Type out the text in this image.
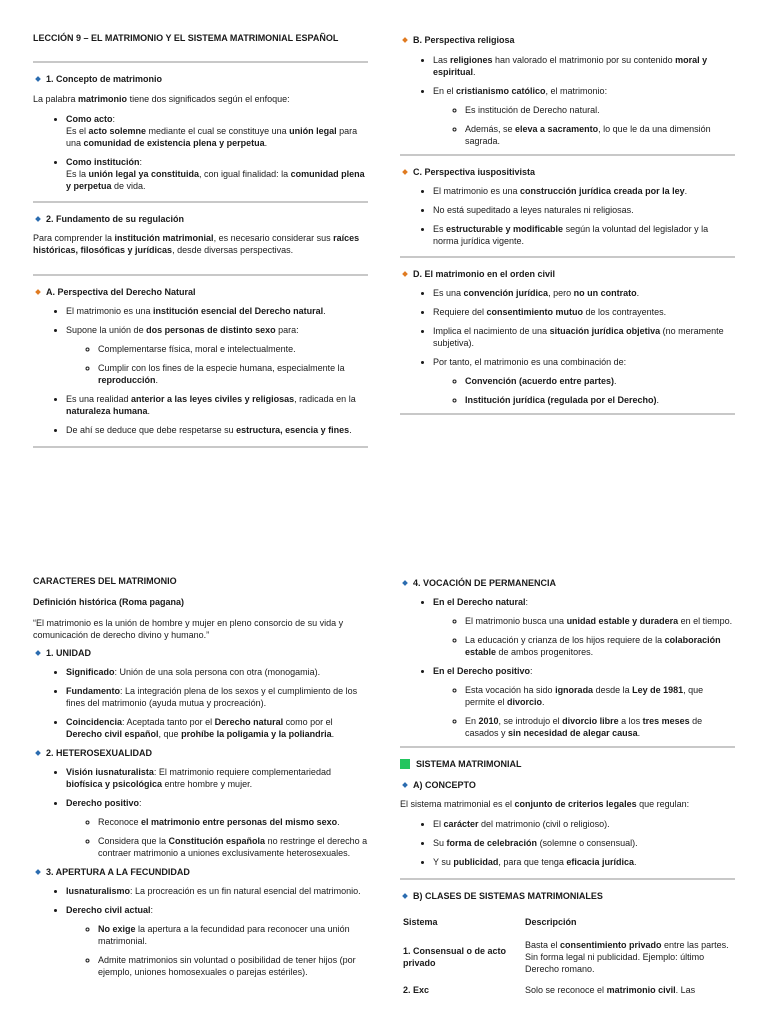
LECCIÓN 9 – EL MATRIMONIO Y EL SISTEMA MATRIMONIAL ESPAÑOL

1. Concepto de matrimonio

La palabra matrimonio tiene dos significados según el enfoque:

• Como acto:
Es el acto solemne mediante el cual se constituye una unión legal para una comunidad de existencia plena y perpetua.
• Como institución:
Es la unión legal ya constituida, con igual finalidad: la comunidad plena y perpetua de vida.

2. Fundamento de su regulación

Para comprender la institución matrimonial, es necesario considerar sus raíces históricas, filosóficas y jurídicas, desde diversas perspectivas.

A. Perspectiva del Derecho Natural

• El matrimonio es una institución esencial del Derecho natural.
• Supone la unión de dos personas de distinto sexo para:
◦ Complementarse física, moral e intelectualmente.
◦ Cumplir con los fines de la especie humana, especialmente la reproducción.
• Es una realidad anterior a las leyes civiles y religiosas, radicada en la naturaleza humana.
• De ahí se deduce que debe respetarse su estructura, esencia y fines.

B. Perspectiva religiosa

• Las religiones han valorado el matrimonio por su contenido moral y espiritual.
• En el cristianismo católico, el matrimonio:
◦ Es institución de Derecho natural.
◦ Además, se eleva a sacramento, lo que le da una dimensión sagrada.

C. Perspectiva iuspositivista

• El matrimonio es una construcción jurídica creada por la ley.
• No está supeditado a leyes naturales ni religiosas.
• Es estructurable y modificable según la voluntad del legislador y la norma jurídica vigente.

D. El matrimonio en el orden civil

• Es una convención jurídica, pero no un contrato.
• Requiere del consentimiento mutuo de los contrayentes.
• Implica el nacimiento de una situación jurídica objetiva (no meramente subjetiva).
• Por tanto, el matrimonio es una combinación de:
◦ Convención (acuerdo entre partes).
◦ Institución jurídica (regulada por el Derecho).

CARACTERES DEL MATRIMONIO

Definición histórica (Roma pagana)

“El matrimonio es la unión de hombre y mujer en pleno consorcio de su vida y comunicación de derecho divino y humano.”

1. UNIDAD

• Significado: Unión de una sola persona con otra (monogamia).
• Fundamento: La integración plena de los sexos y el cumplimiento de los fines del matrimonio (ayuda mutua y procreación).
• Coincidencia: Aceptada tanto por el Derecho natural como por el Derecho civil español, que prohíbe la poligamia y la poliandria.

2. HETEROSEXUALIDAD

• Visión iusnaturalista: El matrimonio requiere complementariedad biofísica y psicológica entre hombre y mujer.
• Derecho positivo:
◦ Reconoce el matrimonio entre personas del mismo sexo.
◦ Considera que la Constitución española no restringe el derecho a contraer matrimonio a uniones exclusivamente heterosexuales.

3. APERTURA A LA FECUNDIDAD

• Iusnaturalismo: La procreación es un fin natural esencial del matrimonio.
• Derecho civil actual:
◦ No exige la apertura a la fecundidad para reconocer una unión matrimonial.
◦ Admite matrimonios sin voluntad o posibilidad de tener hijos (por ejemplo, uniones homosexuales o parejas estériles).

4. VOCACIÓN DE PERMANENCIA

• En el Derecho natural:
◦ El matrimonio busca una unidad estable y duradera en el tiempo.
◦ La educación y crianza de los hijos requiere de la colaboración estable de ambos progenitores.
• En el Derecho positivo:
◦ Esta vocación ha sido ignorada desde la Ley de 1981, que permite el divorcio.
◦ En 2010, se introdujo el divorcio libre a los tres meses de casados y sin necesidad de alegar causa.

SISTEMA MATRIMONIAL

A) CONCEPTO

El sistema matrimonial es el conjunto de criterios legales que regulan:

• El carácter del matrimonio (civil o religioso).
• Su forma de celebración (solemne o consensual).
• Y su publicidad, para que tenga eficacia jurídica.

B) CLASES DE SISTEMAS MATRIMONIALES

Sistema	Descripción
1. Consensual o de acto privado	Basta el consentimiento privado entre las partes. Sin forma legal ni publicidad. Ejemplo: último Derecho romano.
2. Exc	Solo se reconoce el matrimonio civil. Las
